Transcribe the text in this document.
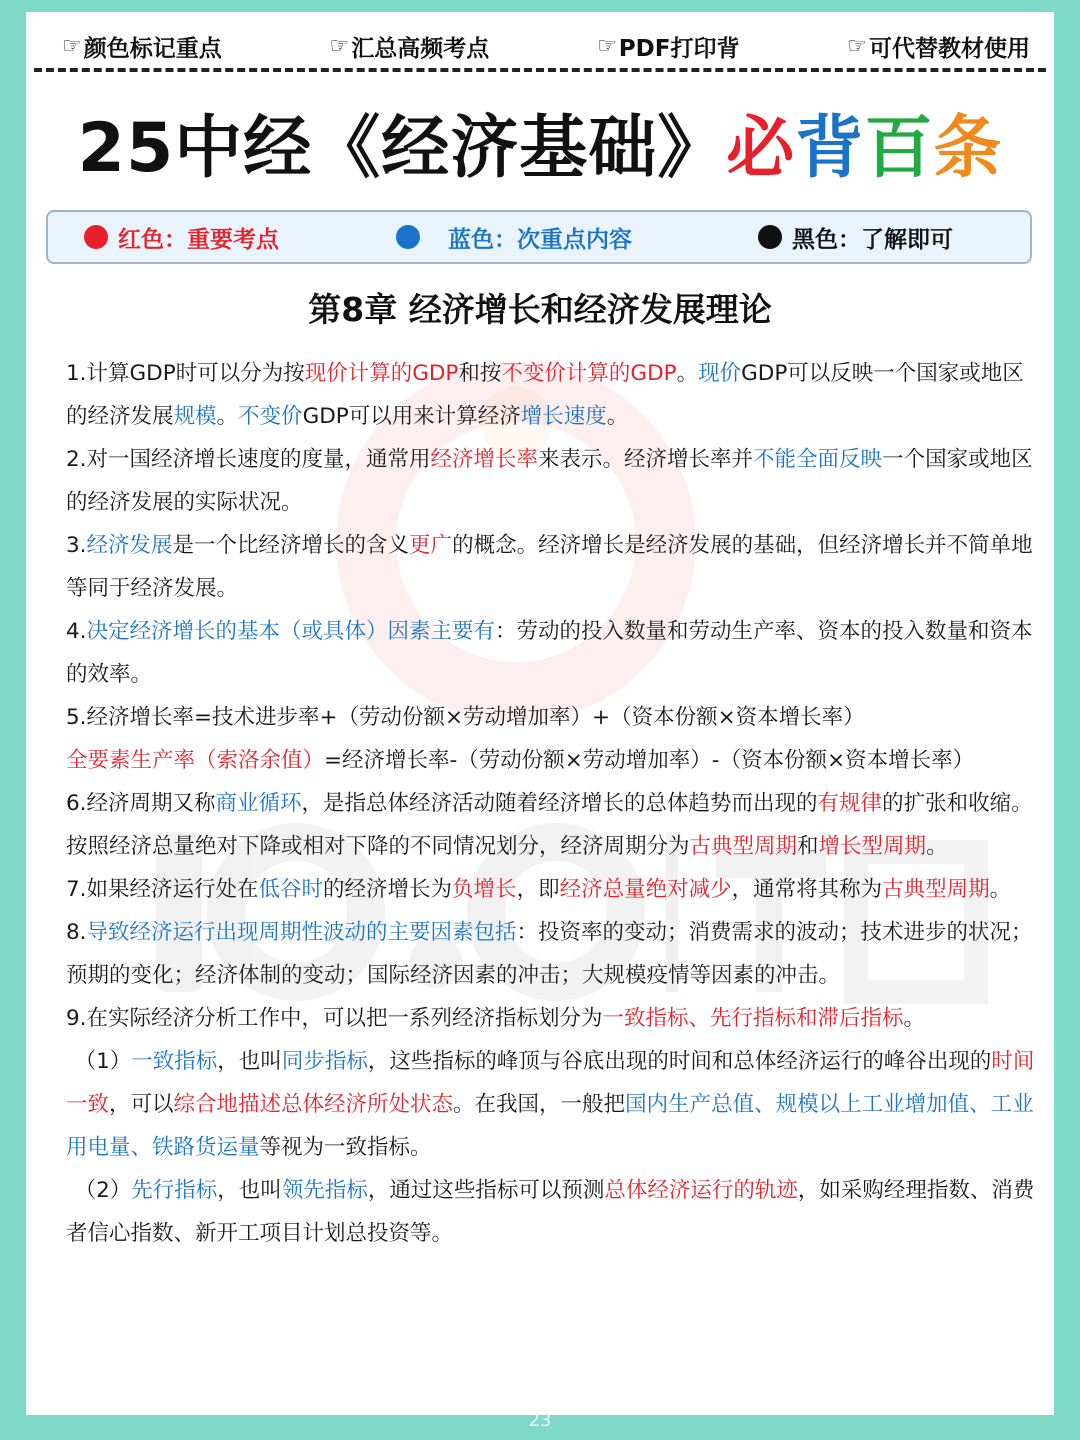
☞ 颜色标记重点	☞ 汇总高频考点	☞ PDF打印背	☞ 可代替教材使用
25中经《经济基础》必背百条
红色：重要考点	蓝色：次重点内容	黑色：了解即可
第8章 经济增长和经济发展理论

1.计算GDP时可以分为按现价计算的GDP和按不变价计算的GDP。现价GDP可以反映一个国家或地区的经济发展规模。不变价GDP可以用来计算经济增长速度。

2.对一国经济增长速度的度量，通常用经济增长率来表示。经济增长率并不能全面反映一个国家或地区的经济发展的实际状况。

3.经济发展是一个比经济增长的含义更广的概念。经济增长是经济发展的基础，但经济增长并不简单地等同于经济发展。

4.决定经济增长的基本（或具体）因素主要有：劳动的投入数量和劳动生产率、资本的投入数量和资本的效率。

5.经济增长率=技术进步率+（劳动份额×劳动增加率）+（资本份额×资本增长率）

全要素生产率（索洛余值）=经济增长率-（劳动份额×劳动增加率）-（资本份额×资本增长率）

6.经济周期又称商业循环，是指总体经济活动随着经济增长的总体趋势而出现的有规律的扩张和收缩。按照经济总量绝对下降或相对下降的不同情况划分，经济周期分为古典型周期和增长型周期。

7.如果经济运行处在低谷时的经济增长为负增长，即经济总量绝对减少，通常将其称为古典型周期。

8.导致经济运行出现周期性波动的主要因素包括：投资率的变动；消费需求的波动；技术进步的状况；预期的变化；经济体制的变动；国际经济因素的冲击；大规模疫情等因素的冲击。

9.在实际经济分析工作中，可以把一系列经济指标划分为一致指标、先行指标和滞后指标。

（1）一致指标，也叫同步指标，这些指标的峰顶与谷底出现的时间和总体经济运行的峰谷出现的时间一致，可以综合地描述总体经济所处状态。在我国，一般把国内生产总值、规模以上工业增加值、工业用电量、铁路货运量等视为一致指标。

（2）先行指标，也叫领先指标，通过这些指标可以预测总体经济运行的轨迹，如采购经理指数、消费者信心指数、新开工项目计划总投资等。

23
